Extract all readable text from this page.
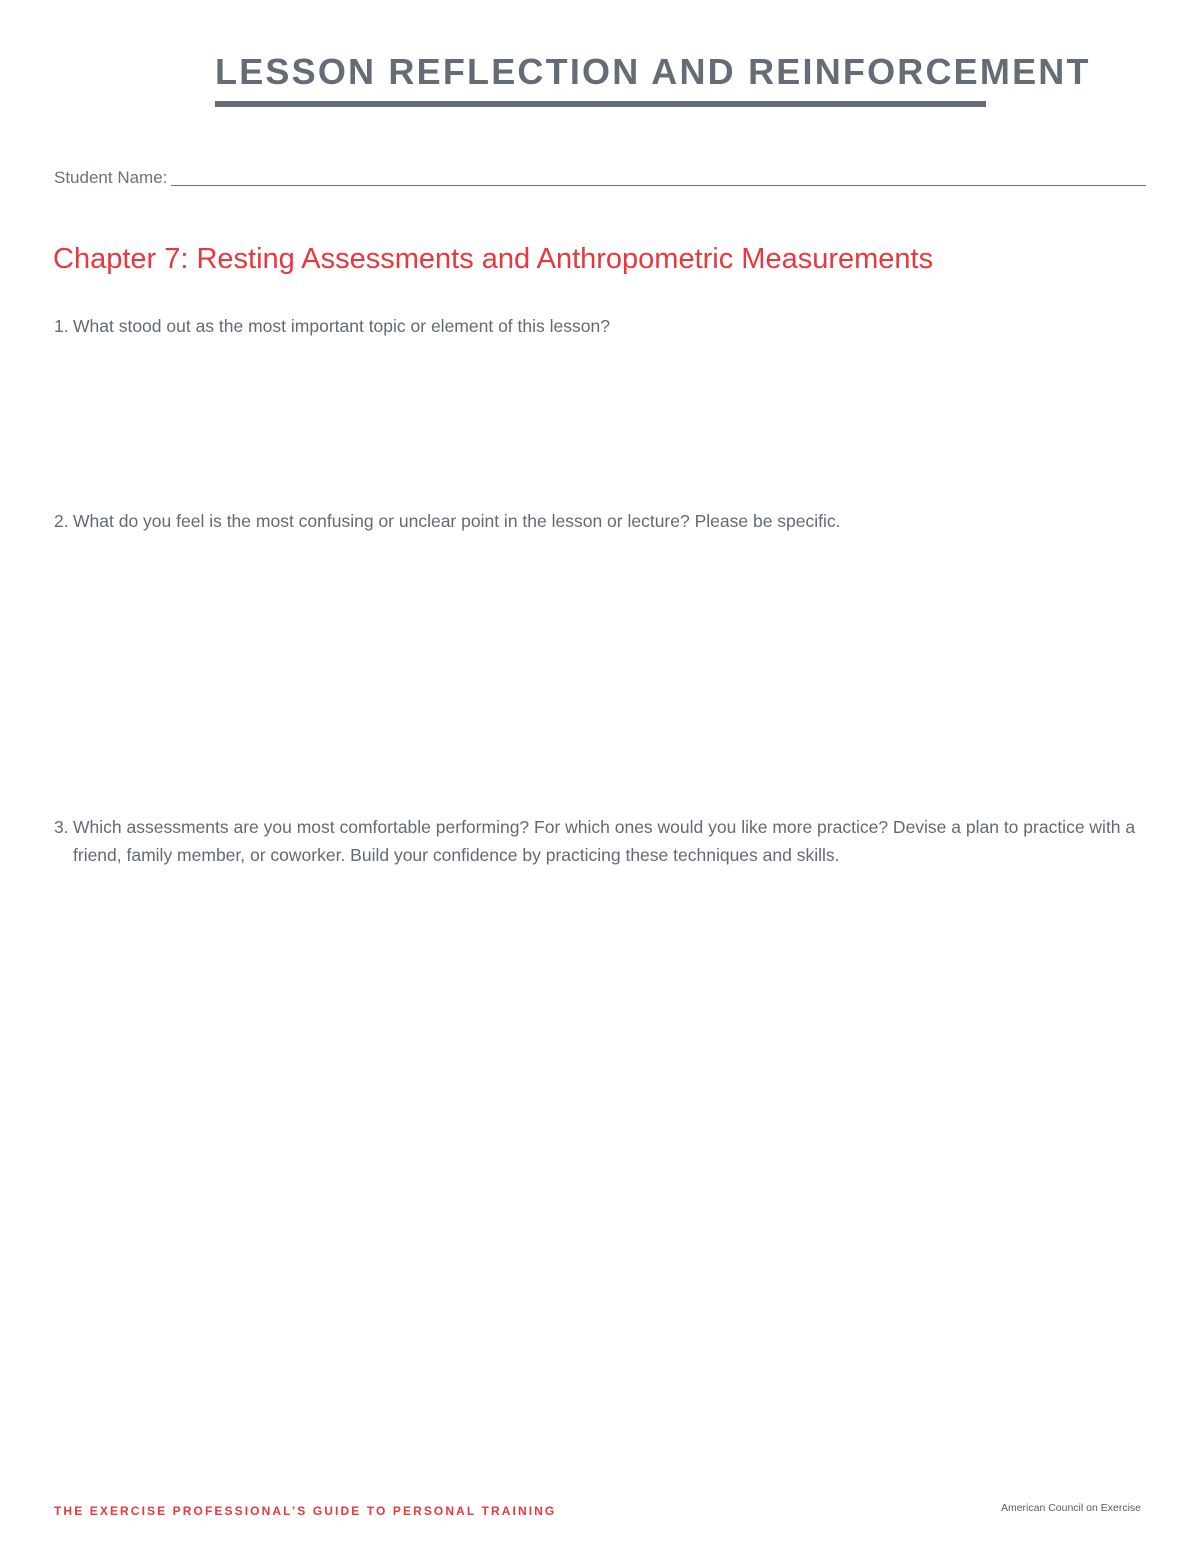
LESSON REFLECTION AND REINFORCEMENT
Student Name:
Chapter 7: Resting Assessments and Anthropometric Measurements
1. What stood out as the most important topic or element of this lesson?
2. What do you feel is the most confusing or unclear point in the lesson or lecture? Please be specific.
3. Which assessments are you most comfortable performing? For which ones would you like more practice? Devise a plan to practice with a friend, family member, or coworker. Build your confidence by practicing these techniques and skills.
THE EXERCISE PROFESSIONAL’S GUIDE TO PERSONAL TRAINING	American Council on Exercise
